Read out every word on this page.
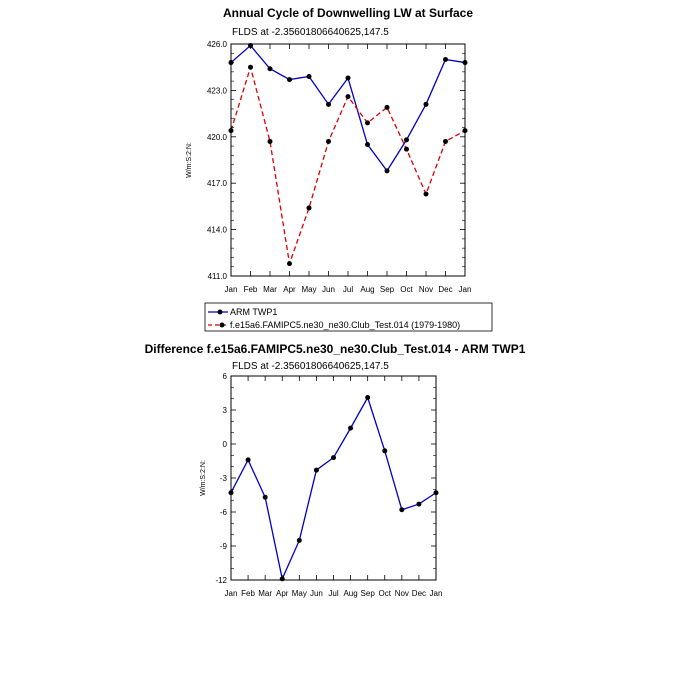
Annual Cycle of Downwelling LW at Surface
FLDS at -2.35601806640625,147.5
W/m:S:2:N:
Jan Feb Mar Apr May Jun Jul Aug Sep Oct Nov Dec Jan
411.0
414.0
417.0
420.0
423.0
426.0
ARM TWP1
f.e15a6.FAMIPC5.ne30_ne30.Club_Test.014 (1979-1980)
Difference f.e15a6.FAMIPC5.ne30_ne30.Club_Test.014 - ARM TWP1
FLDS at -2.35601806640625,147.5
W/m:S:2:N:
Jan Feb Mar Apr May Jun Jul Aug Sep Oct Nov Dec Jan
-12
-9
-6
-3
0
3
6
